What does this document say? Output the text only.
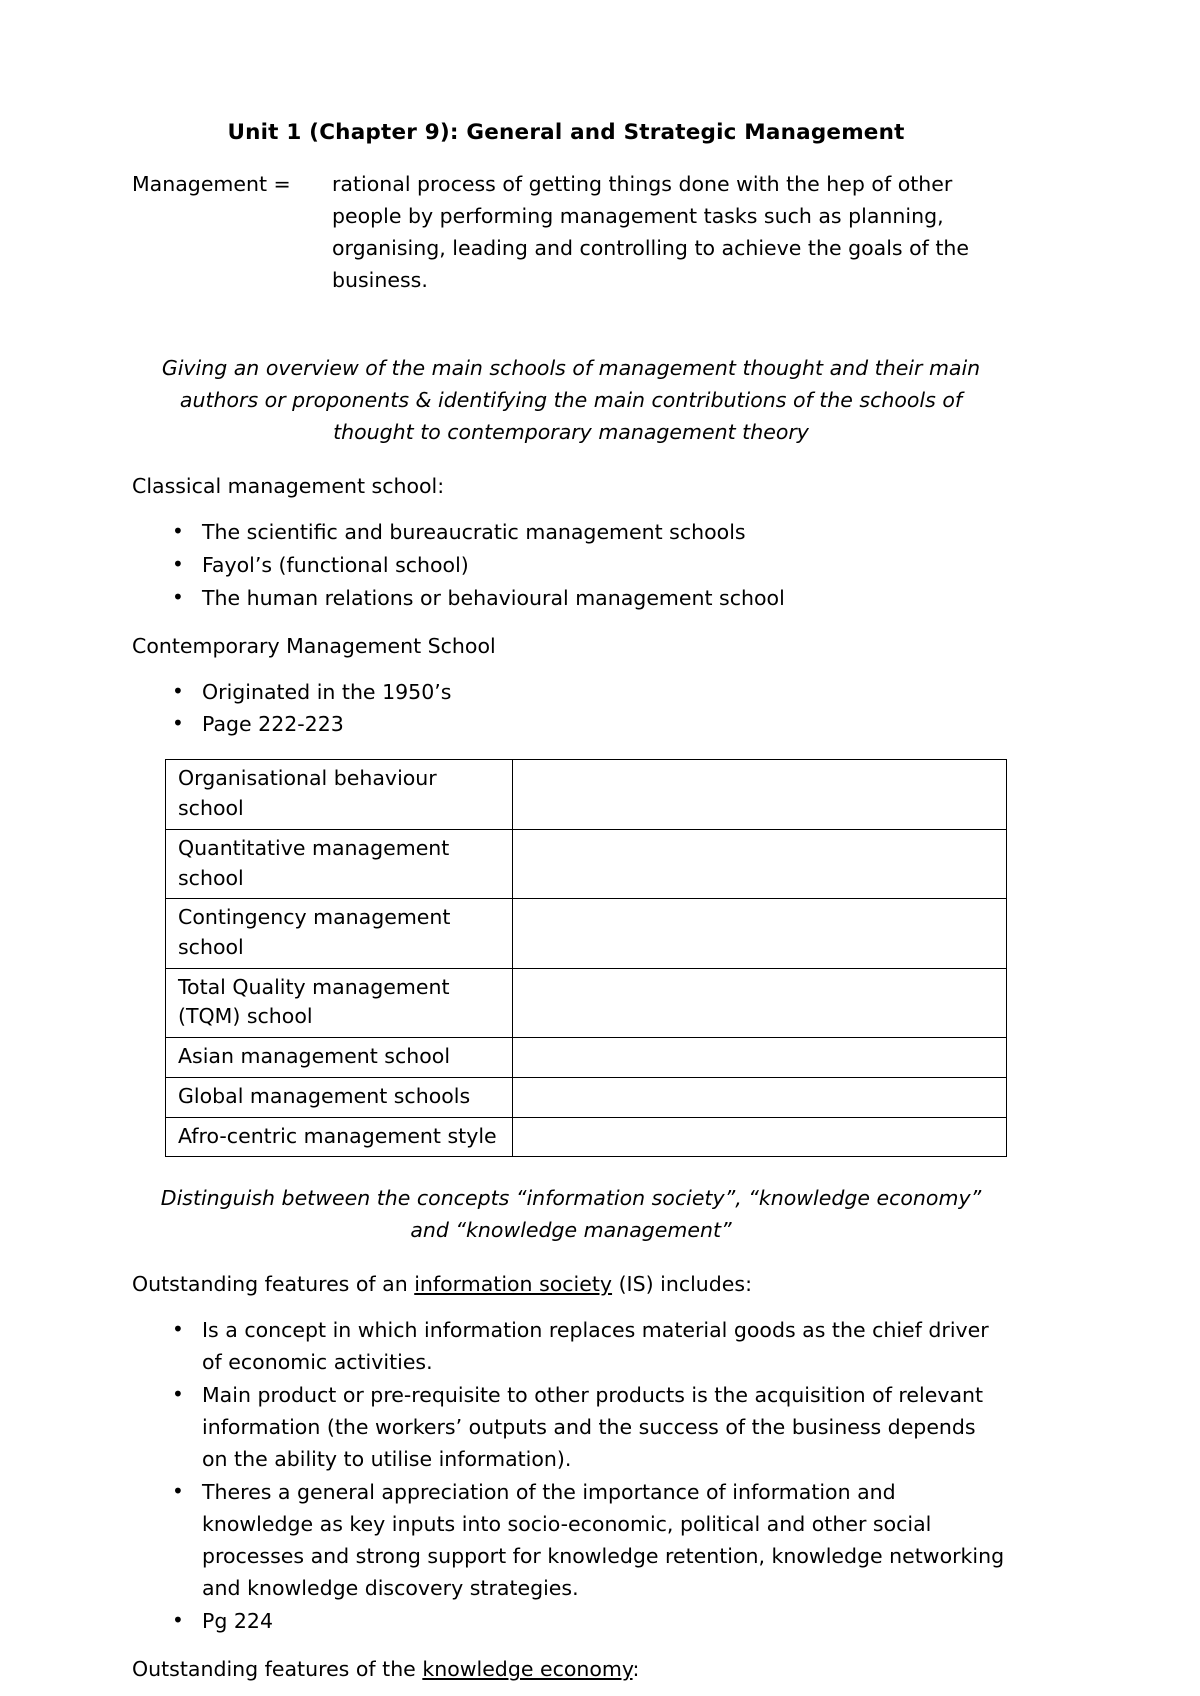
Unit 1 (Chapter 9): General and Strategic Management
Management =	rational process of getting things done with the hep of other people by performing management tasks such as planning, organising, leading and controlling to achieve the goals of the business.
Giving an overview of the main schools of management thought and their main authors or proponents & identifying the main contributions of the schools of thought to contemporary management theory

Classical management school:

• The scientific and bureaucratic management schools
• Fayol’s (functional school)
• The human relations or behavioural management school

Contemporary Management School

• Originated in the 1950’s
• Page 222-223
Organisational behaviour school	
Quantitative management school	
Contingency management school	
Total Quality management (TQM) school	
Asian management school	
Global management schools	
Afro-centric management style	
Distinguish between the concepts “information society”, “knowledge economy” and “knowledge management”

Outstanding features of an information society (IS) includes:

• Is a concept in which information replaces material goods as the chief driver of economic activities.
• Main product or pre-requisite to other products is the acquisition of relevant information (the workers’ outputs and the success of the business depends on the ability to utilise information).
• Theres a general appreciation of the importance of information and knowledge as key inputs into socio-economic, political and other social processes and strong support for knowledge retention, knowledge networking and knowledge discovery strategies.
• Pg 224

Outstanding features of the knowledge economy:
